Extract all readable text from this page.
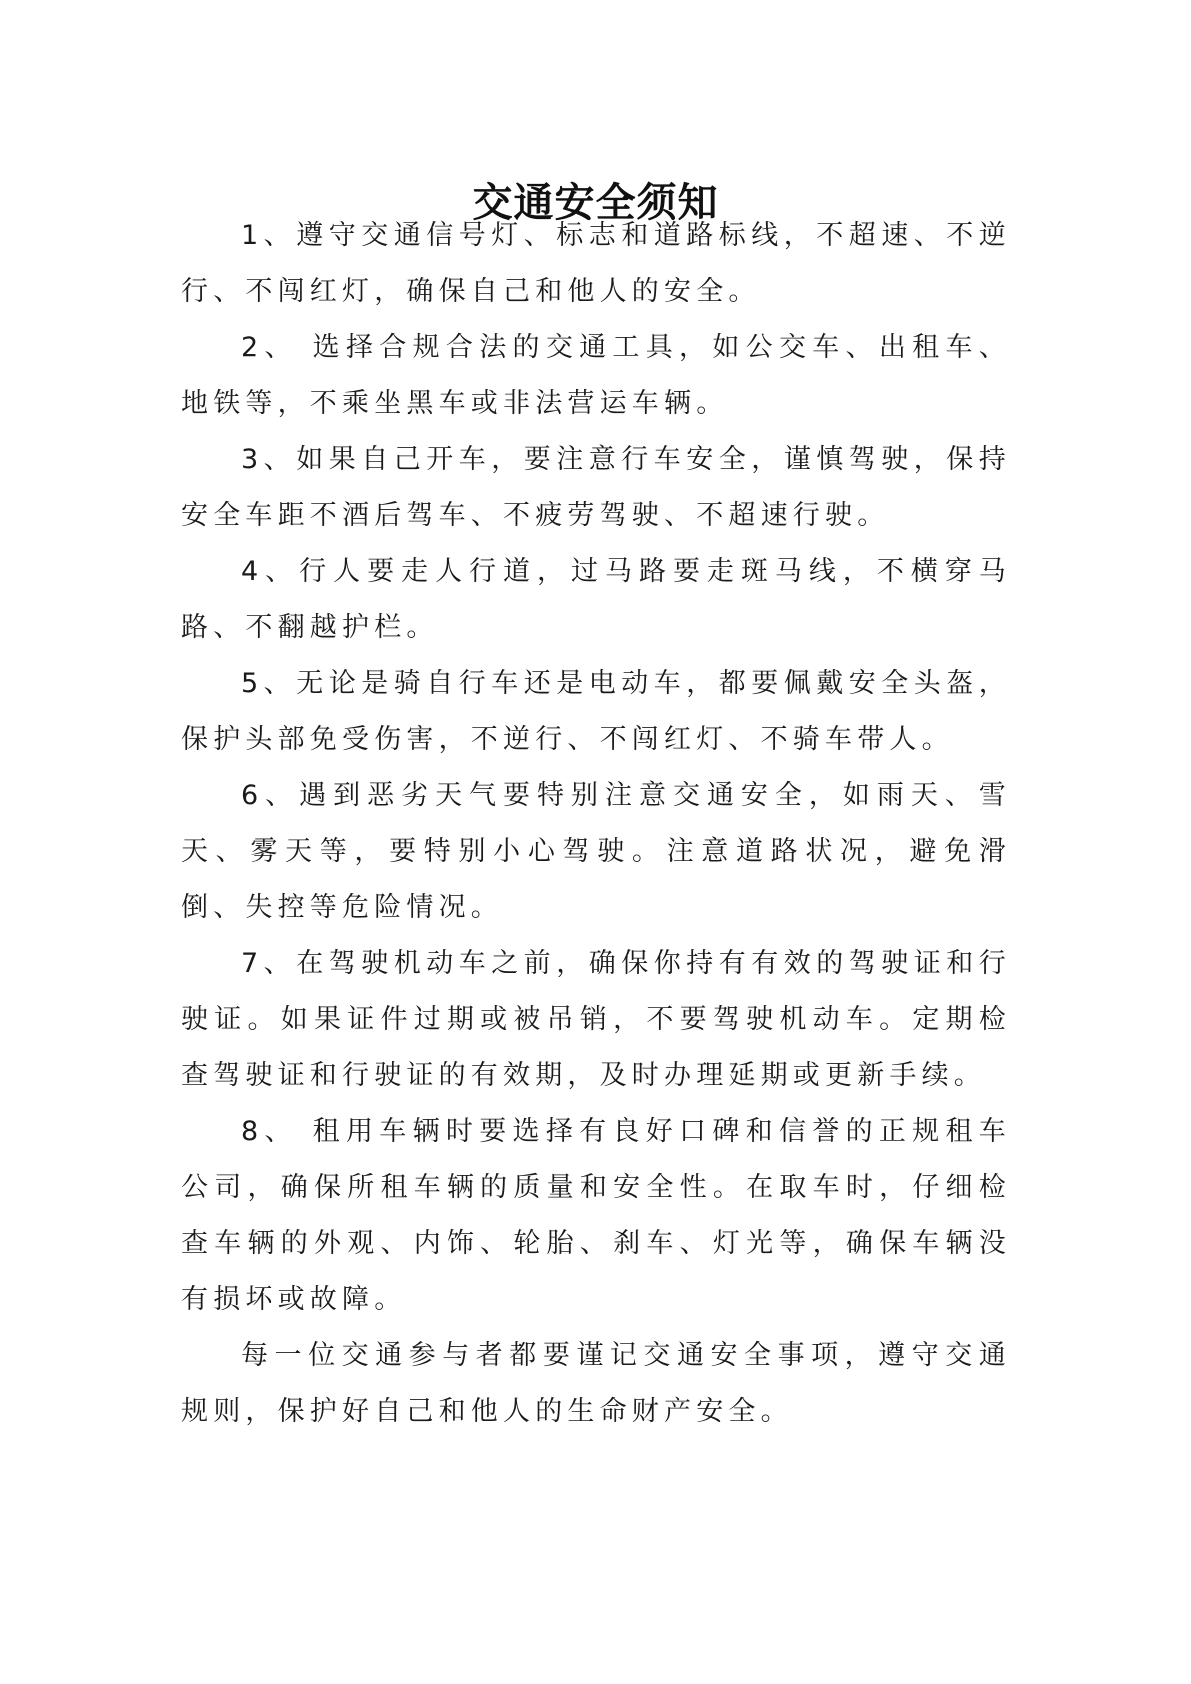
交通安全须知

1、遵守交通信号灯、标志和道路标线，不超速、不逆行、不闯红灯，确保自己和他人的安全。

2、 选择合规合法的交通工具，如公交车、出租车、地铁等，不乘坐黑车或非法营运车辆。

3、如果自己开车，要注意行车安全，谨慎驾驶，保持安全车距不酒后驾车、不疲劳驾驶、不超速行驶。

4、行人要走人行道，过马路要走斑马线，不横穿马路、不翻越护栏。

5、无论是骑自行车还是电动车，都要佩戴安全头盔，保护头部免受伤害，不逆行、不闯红灯、不骑车带人。

6、遇到恶劣天气要特别注意交通安全，如雨天、雪天、雾天等，要特别小心驾驶。注意道路状况，避免滑倒、失控等危险情况。

7、在驾驶机动车之前，确保你持有有效的驾驶证和行驶证。如果证件过期或被吊销，不要驾驶机动车。定期检查驾驶证和行驶证的有效期，及时办理延期或更新手续。

8、 租用车辆时要选择有良好口碑和信誉的正规租车公司，确保所租车辆的质量和安全性。在取车时，仔细检查车辆的外观、内饰、轮胎、刹车、灯光等，确保车辆没有损坏或故障。

每一位交通参与者都要谨记交通安全事项，遵守交通规则，保护好自己和他人的生命财产安全。
